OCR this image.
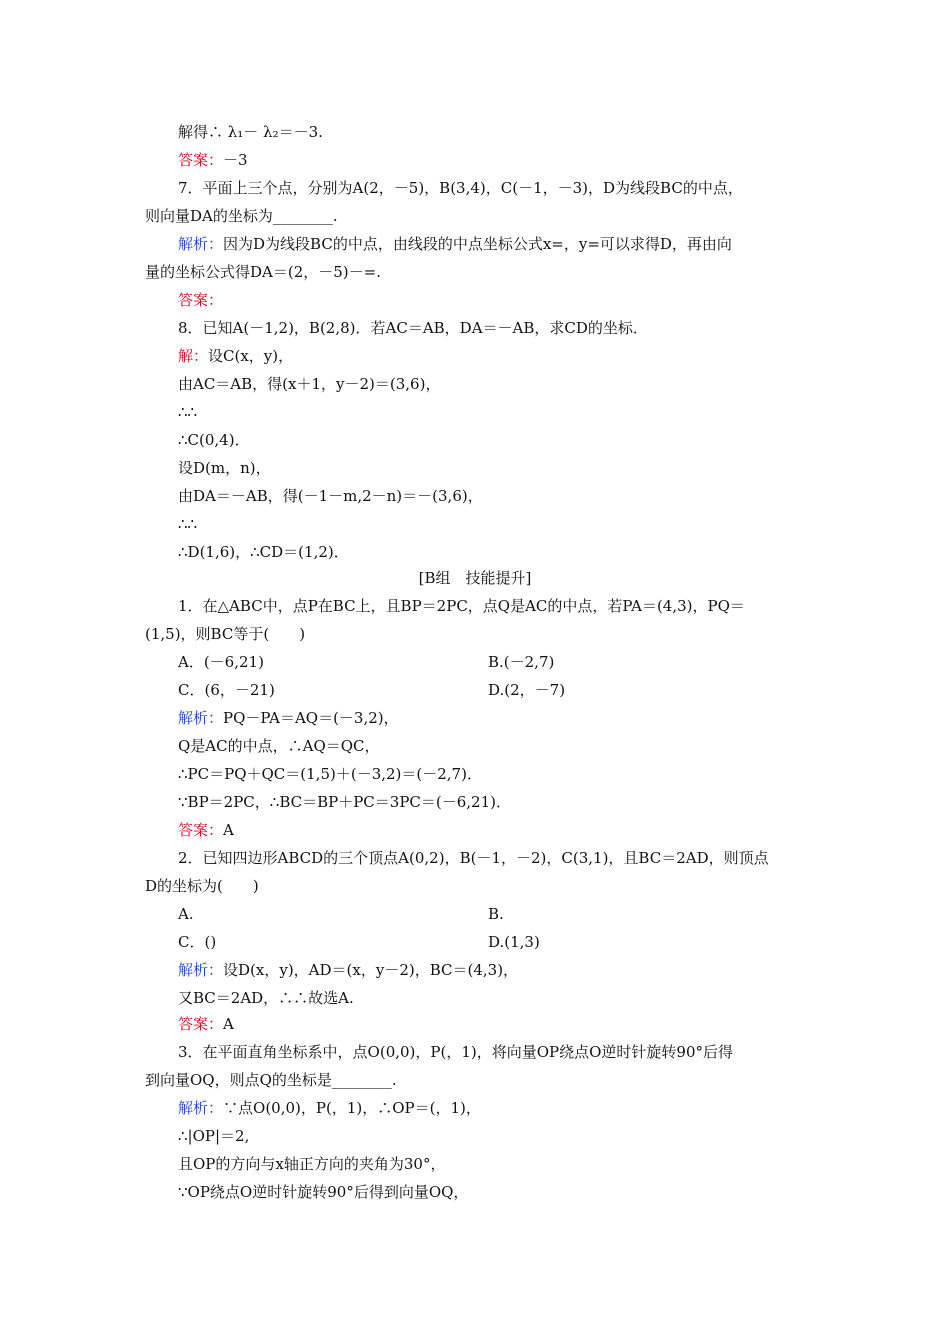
解得∴ λ₁－ λ₂＝－3.
答案：－3
7．平面上三个点，分别为A(2，－5)，B(3,4)，C(－1，－3)，D为线段BC的中点，
则向量DA的坐标为________.
解析：因为D为线段BC的中点，由线段的中点坐标公式x=，y=可以求得D，再由向
量的坐标公式得DA＝(2，－5)－=.
答案：
8．已知A(－1,2)，B(2,8)．若AC＝AB，DA＝－AB，求CD的坐标．
解：设C(x，y)，
由AC＝AB，得(x＋1，y－2)＝(3,6)，
∴∴
∴C(0,4)．
设D(m，n)，
由DA＝－AB，得(－1－m,2－n)＝－(3,6)，
∴∴
∴D(1,6)，∴CD＝(1,2)．
[B组　技能提升]
1．在△ABC中，点P在BC上，且BP＝2PC，点Q是AC的中点，若PA＝(4,3)，PQ＝
(1,5)，则BC等于(　　)
A．(－6,21)	B.(－2,7)
C．(6，－21)	D.(2，－7)
解析：PQ－PA＝AQ＝(－3,2)，
Q是AC的中点，∴AQ＝QC，
∴PC＝PQ＋QC＝(1,5)＋(－3,2)＝(－2,7)．
∵BP＝2PC，∴BC＝BP＋PC＝3PC＝(－6,21)．
答案：A
2．已知四边形ABCD的三个顶点A(0,2)，B(－1，－2)，C(3,1)，且BC＝2AD，则顶点
D的坐标为(　　)
A.	B.
C．()	D.(1,3)
解析：设D(x，y)，AD＝(x，y－2)，BC＝(4,3)，
又BC＝2AD，∴∴故选A.
答案：A
3．在平面直角坐标系中，点O(0,0)，P(，1)，将向量OP绕点O逆时针旋转90°后得
到向量OQ，则点Q的坐标是________.
解析：∵点O(0,0)，P(，1)，∴OP＝(，1)，
∴|OP|＝2,
且OP的方向与x轴正方向的夹角为30°，
∵OP绕点O逆时针旋转90°后得到向量OQ，
